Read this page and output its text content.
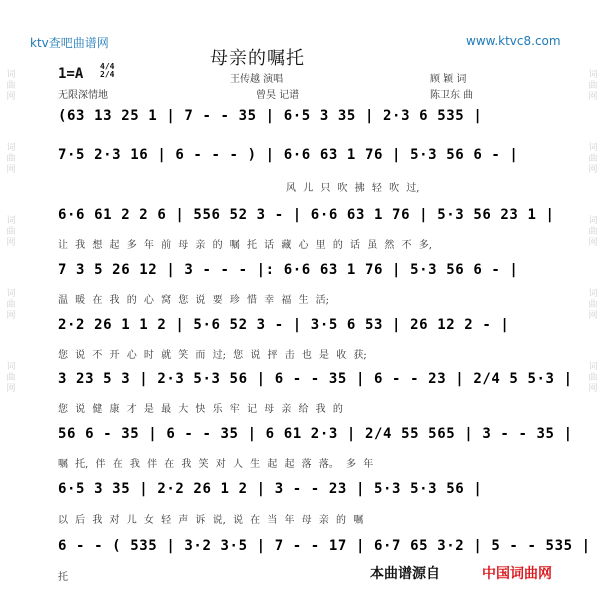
ktv查吧曲谱网	www.ktvc8.com
母亲的嘱托
王传越 演唱	顾 颖 词
1=A 4/4
2/4
无限深情地	曾昊 记谱	陈卫东 曲
词
曲
网
词
曲
网
词
曲
网
词
曲
网
词
曲
网
词
曲
网
词
曲
网
词
曲
网
词
曲
网
词
曲
网
(63 13 25 1 | 7 - - 35 | 6·5 3 35 | 2·3 6 535 |
7·5 2·3 16 | 6 - - - ) | 6·6 63 1 76 | 5·3 56 6 - |
风 儿 只 吹 拂 轻 吹 过,
6·6 61 2 2 6 | 556 52 3 - | 6·6 63 1 76 | 5·3 56 23 1 |
让 我 想 起 多 年 前 母 亲 的 嘱 托 话 藏 心 里 的 话 虽 然 不 多,
7 3 5 26 12 | 3 - - - |: 6·6 63 1 76 | 5·3 56 6 - |
温 暖 在 我 的 心 窝 您 说 要 珍 惜 幸 福 生 活;
2·2 26 1 1 2 | 5·6 52 3 - | 3·5 6 53 | 26 12 2 - |
您 说 不 开 心 时 就 笑 而 过; 您 说 抨 击 也 是 收 获;
3 23 5 3 | 2·3 5·3 56 | 6 - - 35 | 6 - - 23 | 2/4 5 5·3 |
您 说 健 康 才 是 最 大 快 乐 牢 记 母 亲 给 我 的
56 6 - 35 | 6 - - 35 | 6 61 2·3 | 2/4 55 565 | 3 - - 35 |
嘱 托, 伴 在 我 伴 在 我 笑 对 人 生 起 起 落 落。 多 年
6·5 3 35 | 2·2 26 1 2 | 3 - - 23 | 5·3 5·3 56 |
以 后 我 对 儿 女 轻 声 诉 说, 说 在 当 年 母 亲 的 嘱
6 - - ( 535 | 3·2 3·5 | 7 - - 17 | 6·7 65 3·2 | 5 - - 535 |
托	本曲谱源自	中国词曲网
